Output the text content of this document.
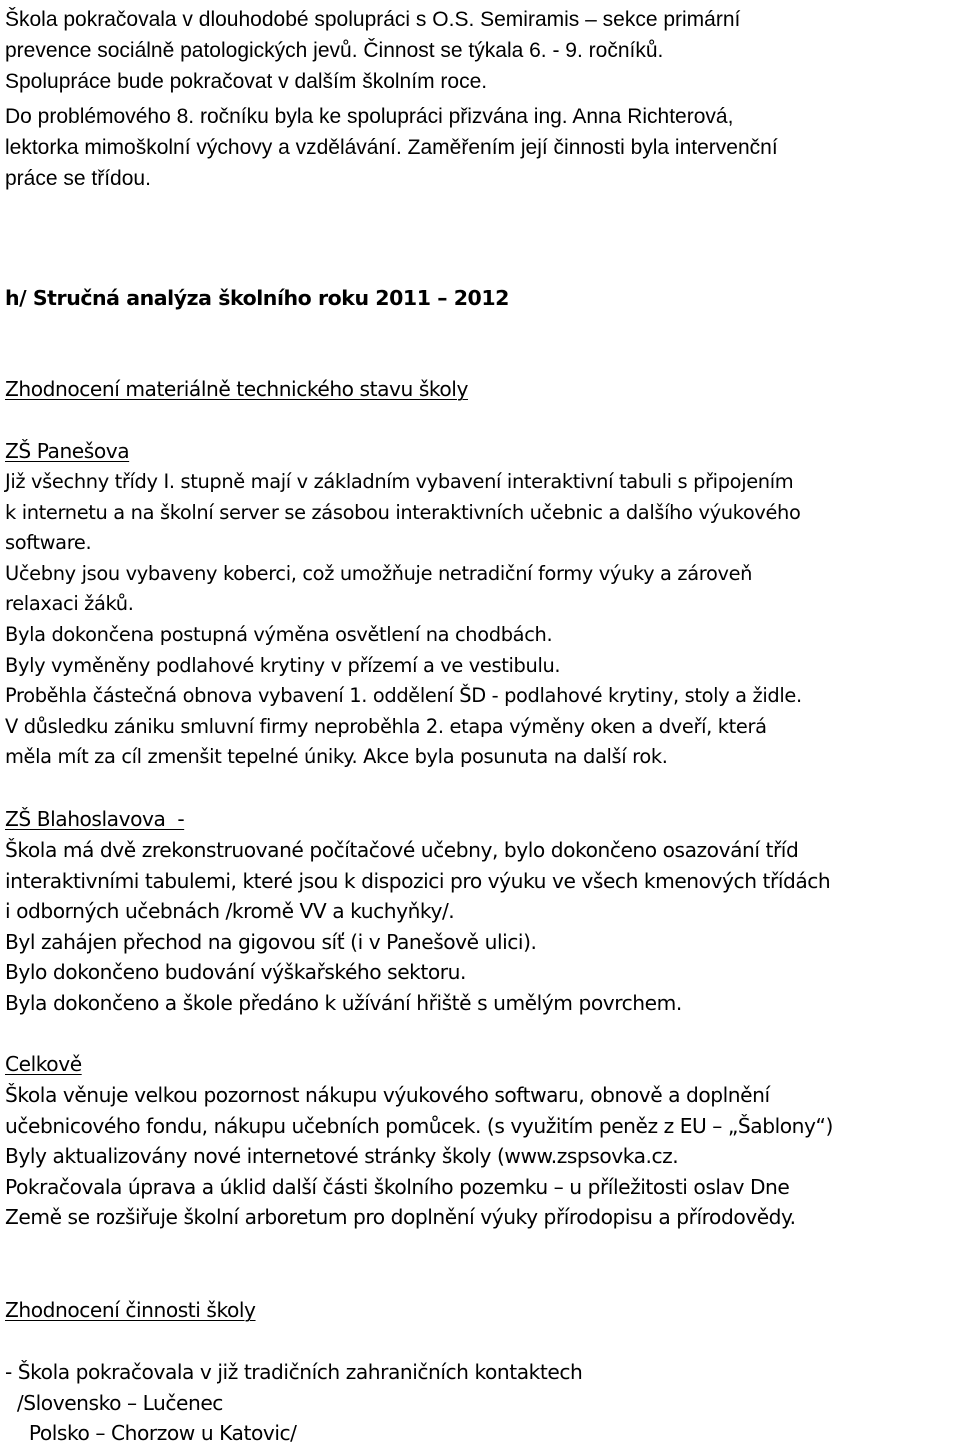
Škola pokračovala v dlouhodobé spolupráci s O.S. Semiramis – sekce primární
prevence sociálně patologických jevů. Činnost se týkala 6. - 9. ročníků.
Spolupráce bude pokračovat v dalším školním roce.
Do problémového 8. ročníku byla ke spolupráci přizvána ing. Anna Richterová,
lektorka mimoškolní výchovy a vzdělávání. Zaměřením její činnosti byla intervenční
práce se třídou.
h/ Stručná analýza školního roku 2011 – 2012
Zhodnocení materiálně technického stavu školy
ZŠ Panešova
Již všechny třídy I. stupně mají v základním vybavení interaktivní tabuli s připojením
k internetu a na školní server se zásobou interaktivních učebnic a dalšího výukového
software.
Učebny jsou vybaveny koberci, což umožňuje netradiční formy výuky a zároveň
relaxaci žáků.
Byla dokončena postupná výměna osvětlení na chodbách.
Byly vyměněny podlahové krytiny v přízemí a ve vestibulu.
Proběhla částečná obnova vybavení 1. oddělení ŠD - podlahové krytiny, stoly a židle.
V důsledku zániku smluvní firmy neproběhla 2. etapa výměny oken a dveří, která
měla mít za cíl zmenšit tepelné úniky. Akce byla posunuta na další rok.
ZŠ Blahoslavova  -
Škola má dvě zrekonstruované počítačové učebny, bylo dokončeno osazování tříd
interaktivními tabulemi, které jsou k dispozici pro výuku ve všech kmenových třídách
i odborných učebnách /kromě VV a kuchyňky/.
Byl zahájen přechod na gigovou síť (i v Panešově ulici).
Bylo dokončeno budování výškařského sektoru.
Byla dokončeno a škole předáno k užívání hřiště s umělým povrchem.
Celkově
Škola věnuje velkou pozornost nákupu výukového softwaru, obnově a doplnění
učebnicového fondu, nákupu učebních pomůcek. (s využitím peněz z EU – „Šablony“)
Byly aktualizovány nové internetové stránky školy (www.zspsovka.cz.
Pokračovala úprava a úklid další části školního pozemku – u příležitosti oslav Dne
Země se rozšiřuje školní arboretum pro doplnění výuky přírodopisu a přírodovědy.
Zhodnocení činnosti školy
- Škola pokračovala v již tradičních zahraničních kontaktech
/Slovensko – Lučenec
Polsko – Chorzow u Katovic/
